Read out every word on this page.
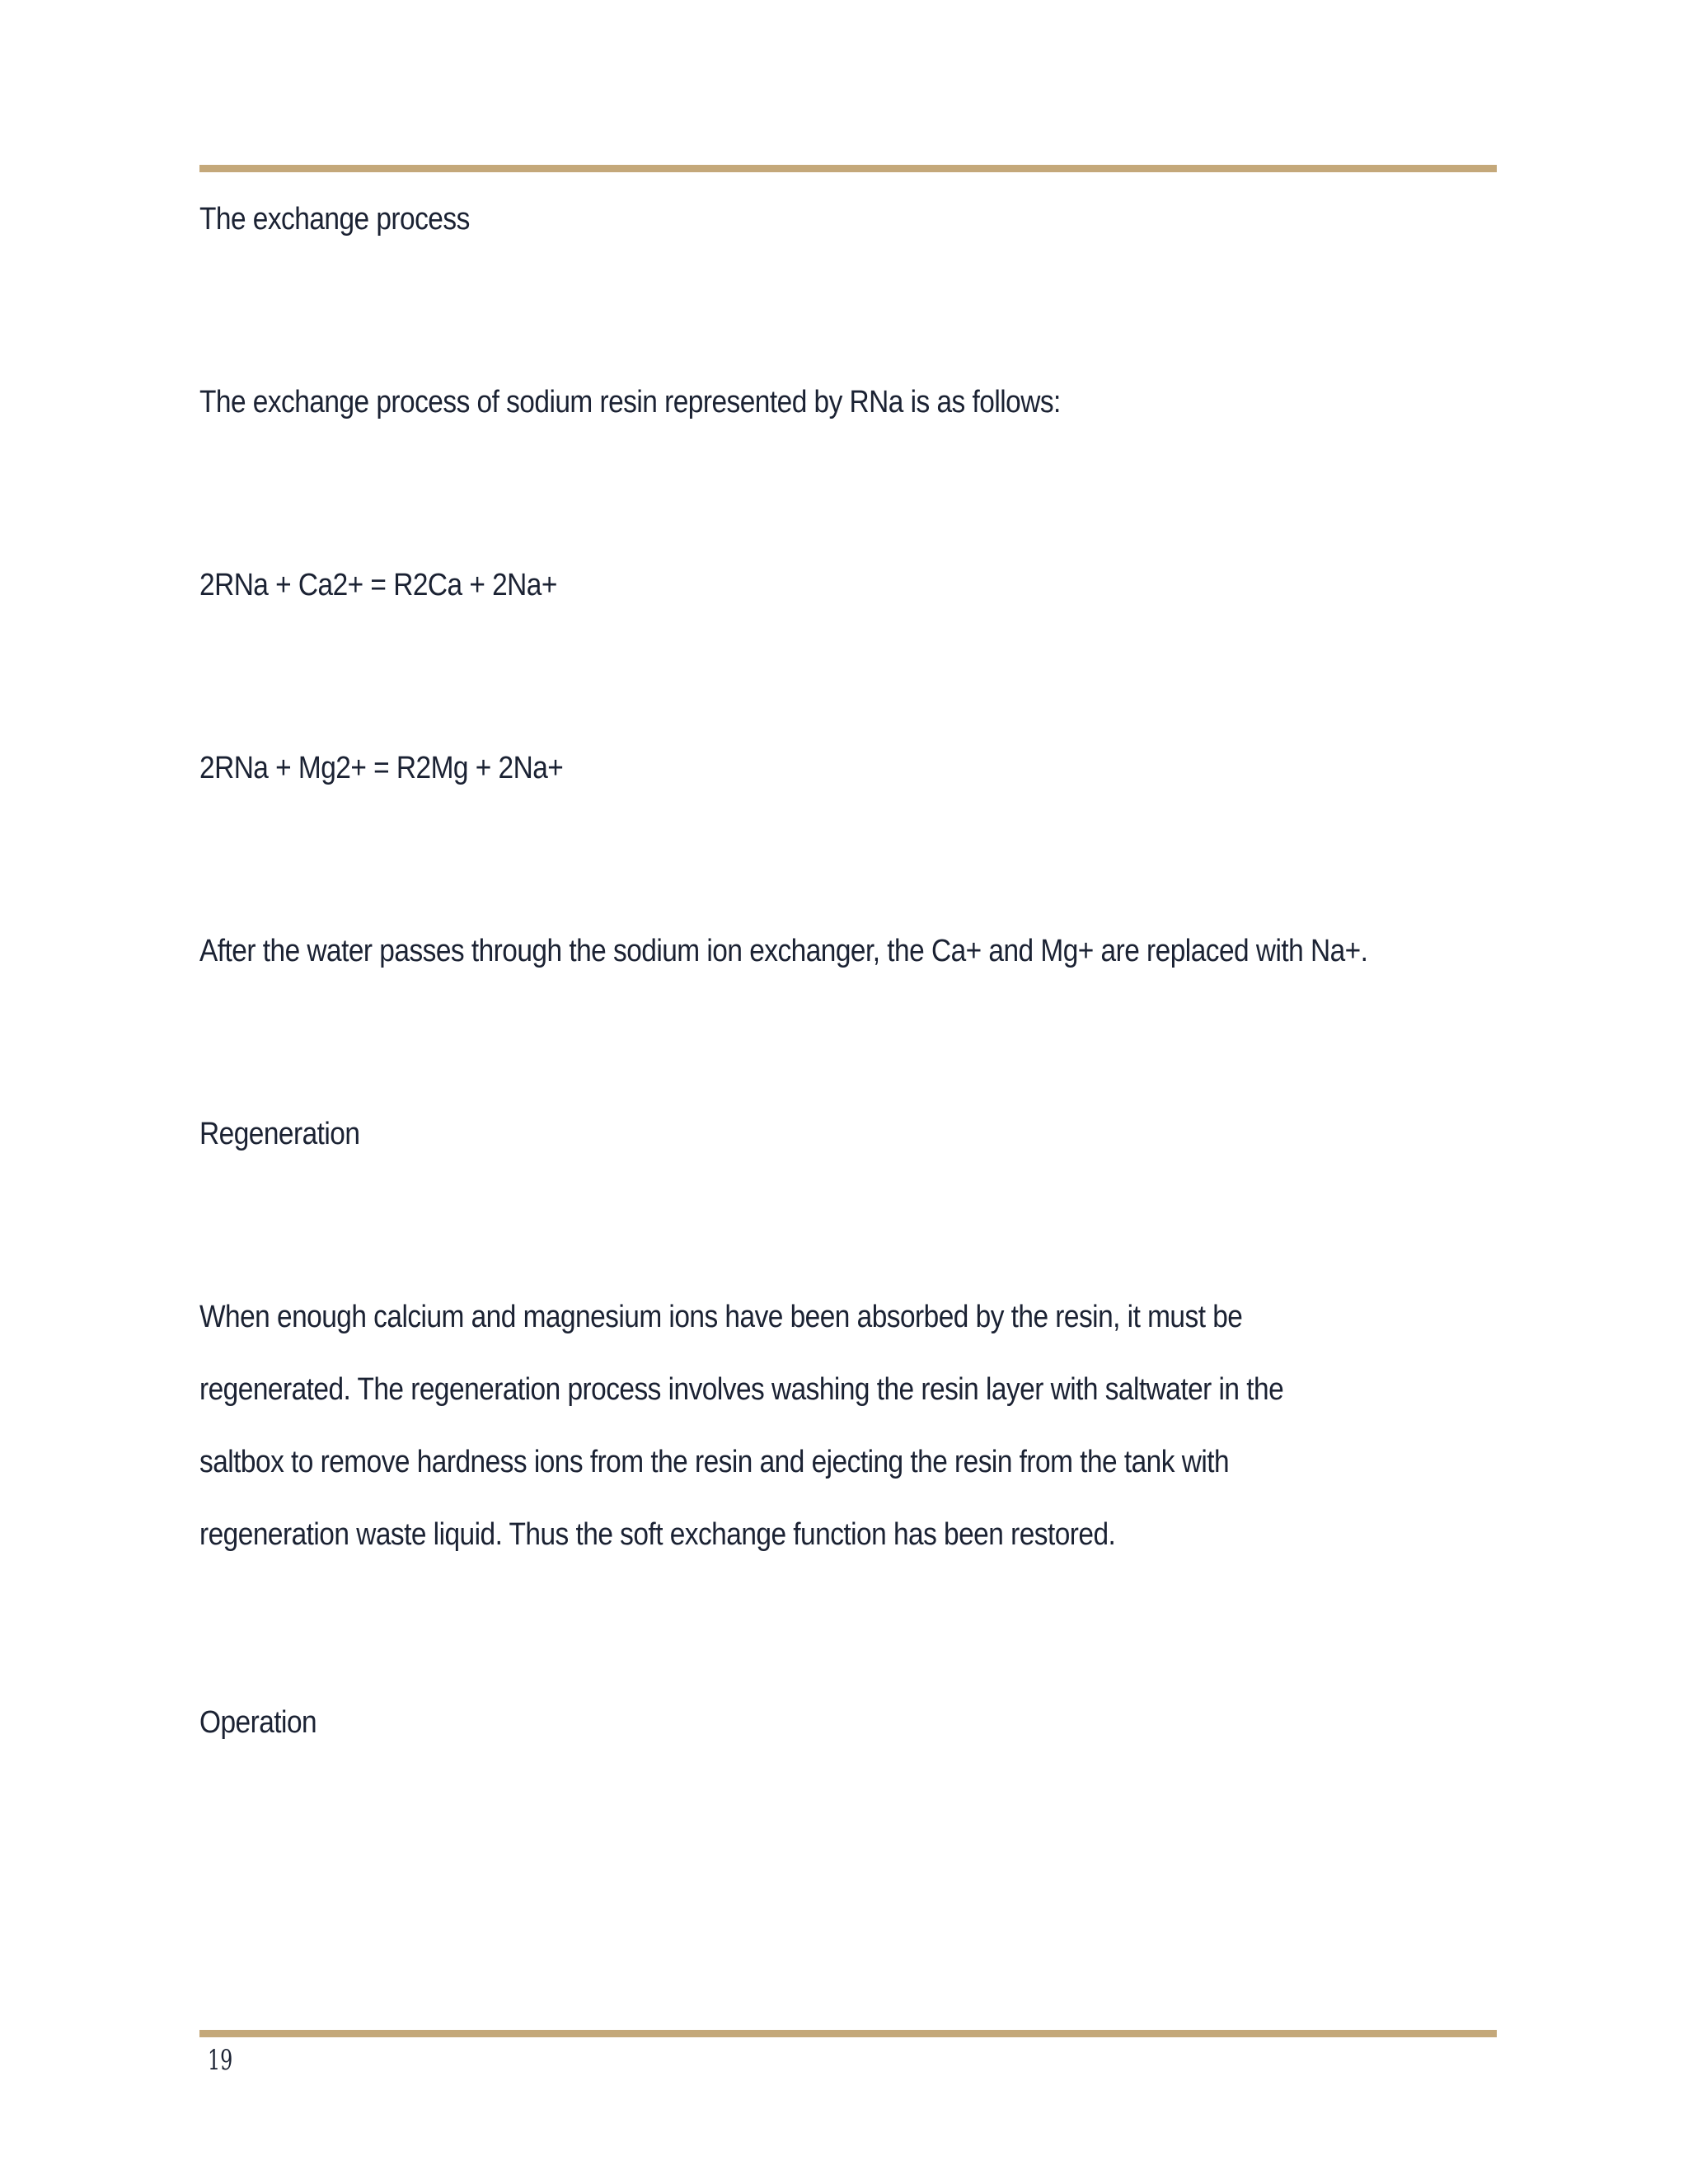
The exchange process

The exchange process of sodium resin represented by RNa is as follows:

2RNa + Ca2+ = R2Ca + 2Na+

2RNa + Mg2+ = R2Mg + 2Na+

After the water passes through the sodium ion exchanger, the Ca+ and Mg+ are replaced with Na+.

Regeneration

When enough calcium and magnesium ions have been absorbed by the resin, it must be
regenerated. The regeneration process involves washing the resin layer with saltwater in the
saltbox to remove hardness ions from the resin and ejecting the resin from the tank with
regeneration waste liquid. Thus the soft exchange function has been restored.

Operation

19
